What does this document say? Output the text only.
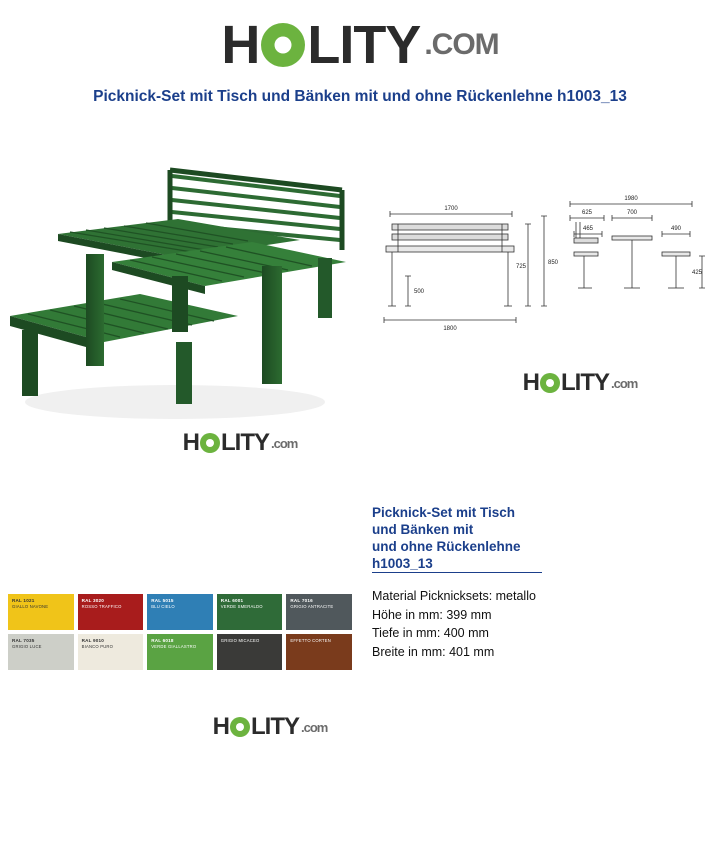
H LITY .COM
Picknick-Set mit Tisch und Bänken mit und ohne Rückenlehne h1003_13
1700
500
725
850
1800
1980
625	700
465	490
425
H LITY .com
H LITY .com
Picknick-Set mit Tisch
und Bänken mit
und ohne Rückenlehne
h1003_13
Material Picknicksets: metallo
Höhe in mm: 399 mm
Tiefe in mm: 400 mm
Breite in mm: 401 mm
RAL 1021
GIALLO NAVONE
RAL 3020
ROSSO TRAFFICO
RAL 5015
BLU CIELO
RAL 6001
VERDE SMERALDO
RAL 7016
GRIGIO ANTRACITE
RAL 7035
GRIGIO LUCE
RAL 9010
BIANCO PURO
RAL 6018
VERDE GIALLASTRO
GRIGIO MICACEO	EFFETTO CORTEN
H LITY .com
